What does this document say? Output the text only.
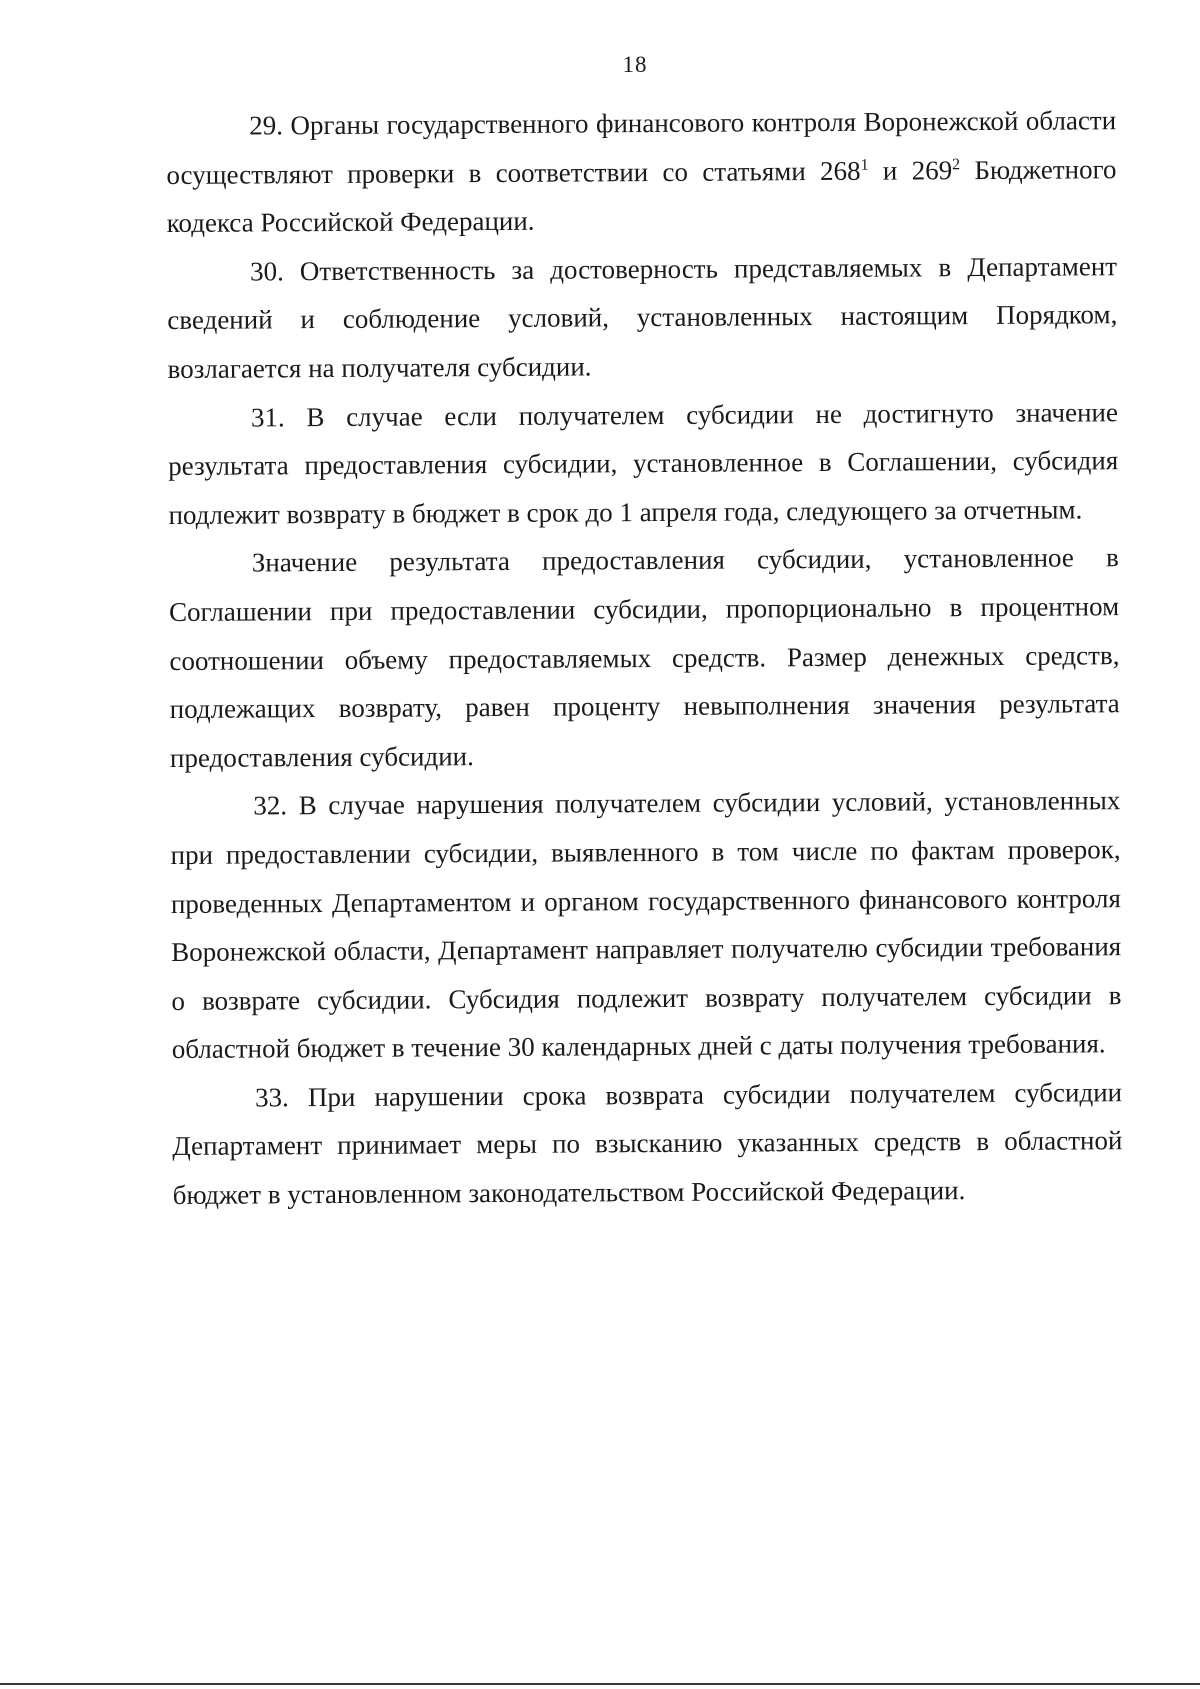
18

29. Органы государственного финансового контроля Воронежской области осуществляют проверки в соответствии со статьями $268^1$ и $269^2$ Бюджетного кодекса Российской Федерации.

30. Ответственность за достоверность представляемых в Департамент сведений и соблюдение условий, установленных настоящим Порядком, возлагается на получателя субсидии.

31. В случае если получателем субсидии не достигнуто значение результата предоставления субсидии, установленное в Соглашении, субсидия подлежит возврату в бюджет в срок до 1 апреля года, следующего за отчетным.

Значение результата предоставления субсидии, установленное в Соглашении при предоставлении субсидии, пропорционально в процентном соотношении объему предоставляемых средств. Размер денежных средств, подлежащих возврату, равен проценту невыполнения значения результата предоставления субсидии.

32. В случае нарушения получателем субсидии условий, установленных при предоставлении субсидии, выявленного в том числе по фактам проверок, проведенных Департаментом и органом государственного финансового контроля Воронежской области, Департамент направляет получателю субсидии требования о возврате субсидии. Субсидия подлежит возврату получателем субсидии в областной бюджет в течение 30 календарных дней с даты получения требования.

33. При нарушении срока возврата субсидии получателем субсидии Департамент принимает меры по взысканию указанных средств в областной бюджет в установленном законодательством Российской Федерации.
